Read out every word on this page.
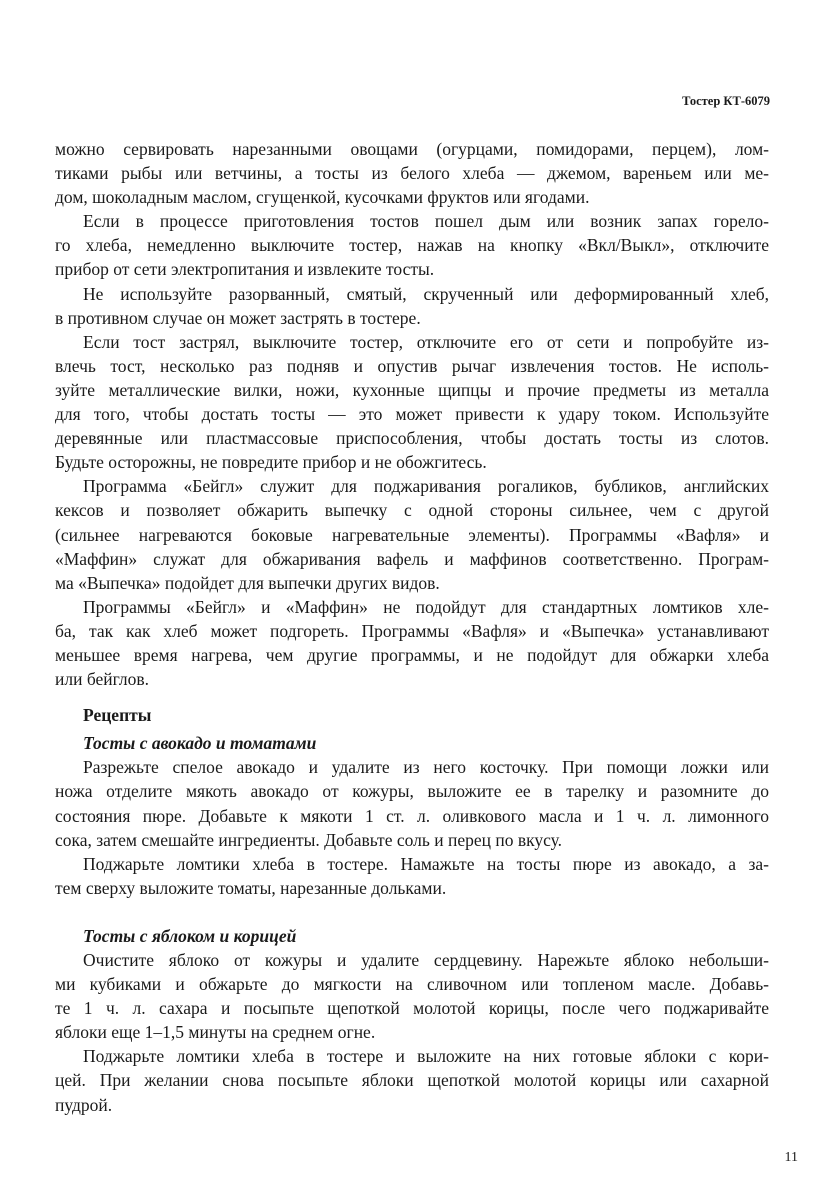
Тостер КТ-6079
можно сервировать нарезанными овощами (огурцами, помидорами, перцем), лом-
тиками рыбы или ветчины, а тосты из белого хлеба — джемом, вареньем или ме-
дом, шоколадным маслом, сгущенкой, кусочками фруктов или ягодами.
Если в процессе приготовления тостов пошел дым или возник запах горело-
го хлеба, немедленно выключите тостер, нажав на кнопку «Вкл/Выкл», отключите
прибор от сети электропитания и извлеките тосты.
Не используйте разорванный, смятый, скрученный или деформированный хлеб,
в противном случае он может застрять в тостере.
Если тост застрял, выключите тостер, отключите его от сети и попробуйте из-
влечь тост, несколько раз подняв и опустив рычаг извлечения тостов. Не исполь-
зуйте металлические вилки, ножи, кухонные щипцы и прочие предметы из металла
для того, чтобы достать тосты — это может привести к удару током. Используйте
деревянные или пластмассовые приспособления, чтобы достать тосты из слотов.
Будьте осторожны, не повредите прибор и не обожгитесь.
Программа «Бейгл» служит для поджаривания рогаликов, бубликов, английских
кексов и позволяет обжарить выпечку с одной стороны сильнее, чем с другой
(сильнее нагреваются боковые нагревательные элементы). Программы «Вафля» и
«Маффин» служат для обжаривания вафель и маффинов соответственно. Програм-
ма «Выпечка» подойдет для выпечки других видов.
Программы «Бейгл» и «Маффин» не подойдут для стандартных ломтиков хле-
ба, так как хлеб может подгореть. Программы «Вафля» и «Выпечка» устанавливают
меньшее время нагрева, чем другие программы, и не подойдут для обжарки хлеба
или бейглов.
Рецепты
Тосты с авокадо и томатами
Разрежьте спелое авокадо и удалите из него косточку. При помощи ложки или
ножа отделите мякоть авокадо от кожуры, выложите ее в тарелку и разомните до
состояния пюре. Добавьте к мякоти 1 ст. л. оливкового масла и 1 ч. л. лимонного
сока, затем смешайте ингредиенты. Добавьте соль и перец по вкусу.
Поджарьте ломтики хлеба в тостере. Намажьте на тосты пюре из авокадо, а за-
тем сверху выложите томаты, нарезанные дольками.
Тосты с яблоком и корицей
Очистите яблоко от кожуры и удалите сердцевину. Нарежьте яблоко небольши-
ми кубиками и обжарьте до мягкости на сливочном или топленом масле. Добавь-
те 1 ч. л. сахара и посыпьте щепоткой молотой корицы, после чего поджаривайте
яблоки еще 1–1,5 минуты на среднем огне.
Поджарьте ломтики хлеба в тостере и выложите на них готовые яблоки с кори-
цей. При желании снова посыпьте яблоки щепоткой молотой корицы или сахарной
пудрой.
11
